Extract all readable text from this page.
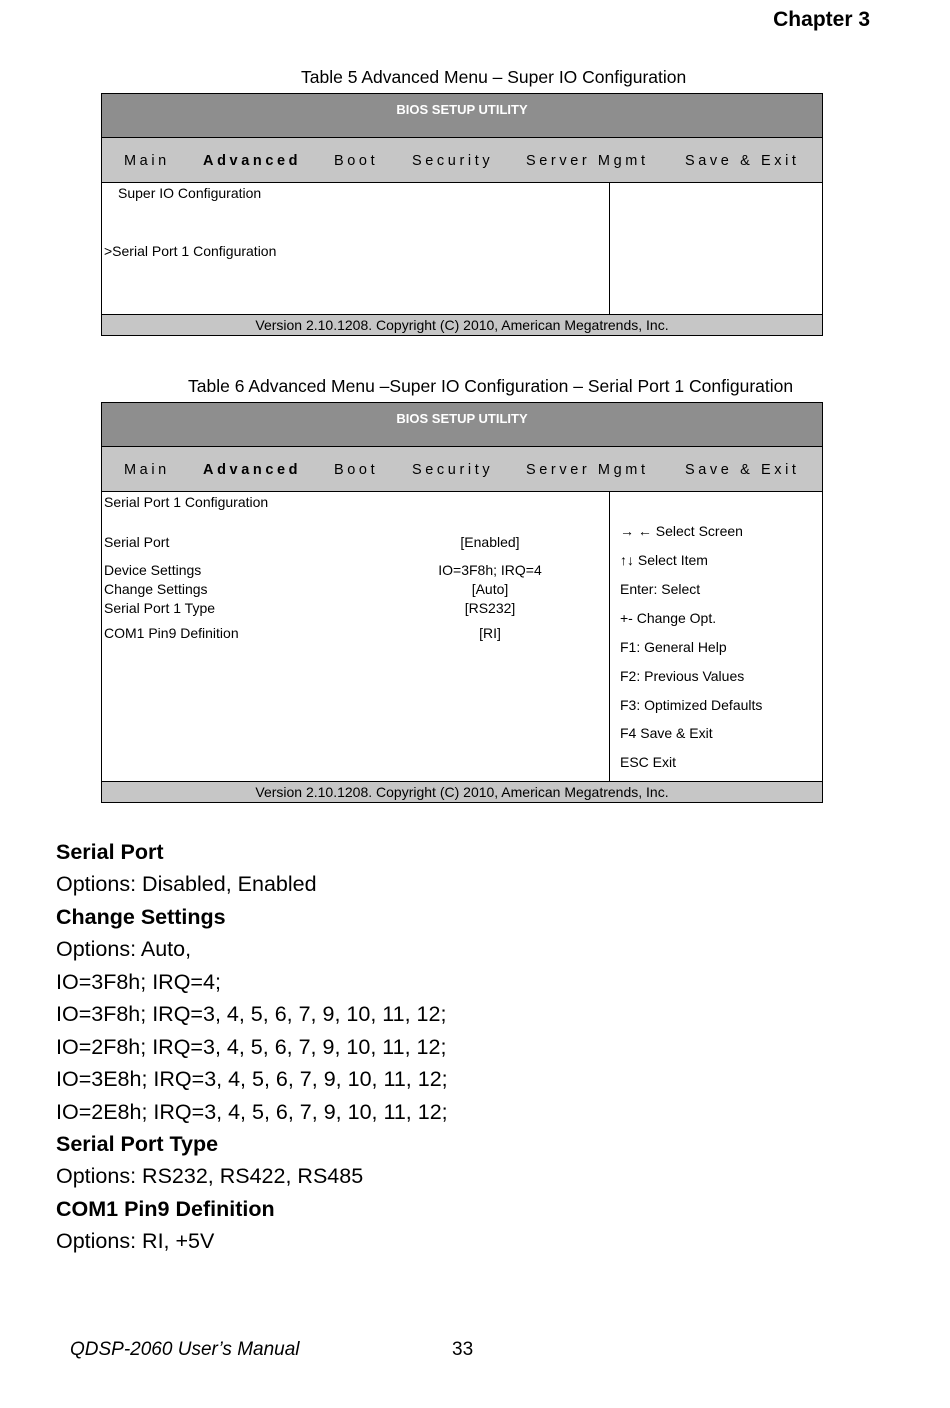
Chapter 3
Table 5 Advanced Menu – Super IO Configuration
BIOS SETUP UTILITY
Main Advanced Boot Security Server Mgmt	Save & Exit
Super IO Configuration
>Serial Port 1 Configuration
Version 2.10.1208. Copyright (C) 2010, American Megatrends, Inc.
Table 6 Advanced Menu –Super IO Configuration – Serial Port 1 Configuration
BIOS SETUP UTILITY
Main Advanced Boot Security Server Mgmt	Save & Exit
Serial Port 1 Configuration
Serial Port	[Enabled]
Device Settings	IO=3F8h; IRQ=4
Change Settings	[Auto]
Serial Port 1 Type	[RS232]
COM1 Pin9 Definition	[RI]
→ ← Select Screen
↑↓ Select Item
Enter: Select
+- Change Opt.
F1: General Help
F2: Previous Values
F3: Optimized Defaults
F4 Save & Exit
ESC Exit
Version 2.10.1208. Copyright (C) 2010, American Megatrends, Inc.
Serial Port
Options: Disabled, Enabled
Change Settings
Options: Auto,
IO=3F8h; IRQ=4;
IO=3F8h; IRQ=3, 4, 5, 6, 7, 9, 10, 11, 12;
IO=2F8h; IRQ=3, 4, 5, 6, 7, 9, 10, 11, 12;
IO=3E8h; IRQ=3, 4, 5, 6, 7, 9, 10, 11, 12;
IO=2E8h; IRQ=3, 4, 5, 6, 7, 9, 10, 11, 12;
Serial Port Type
Options: RS232, RS422, RS485
COM1 Pin9 Definition
Options: RI, +5V
QDSP-2060 User’s Manual	33
